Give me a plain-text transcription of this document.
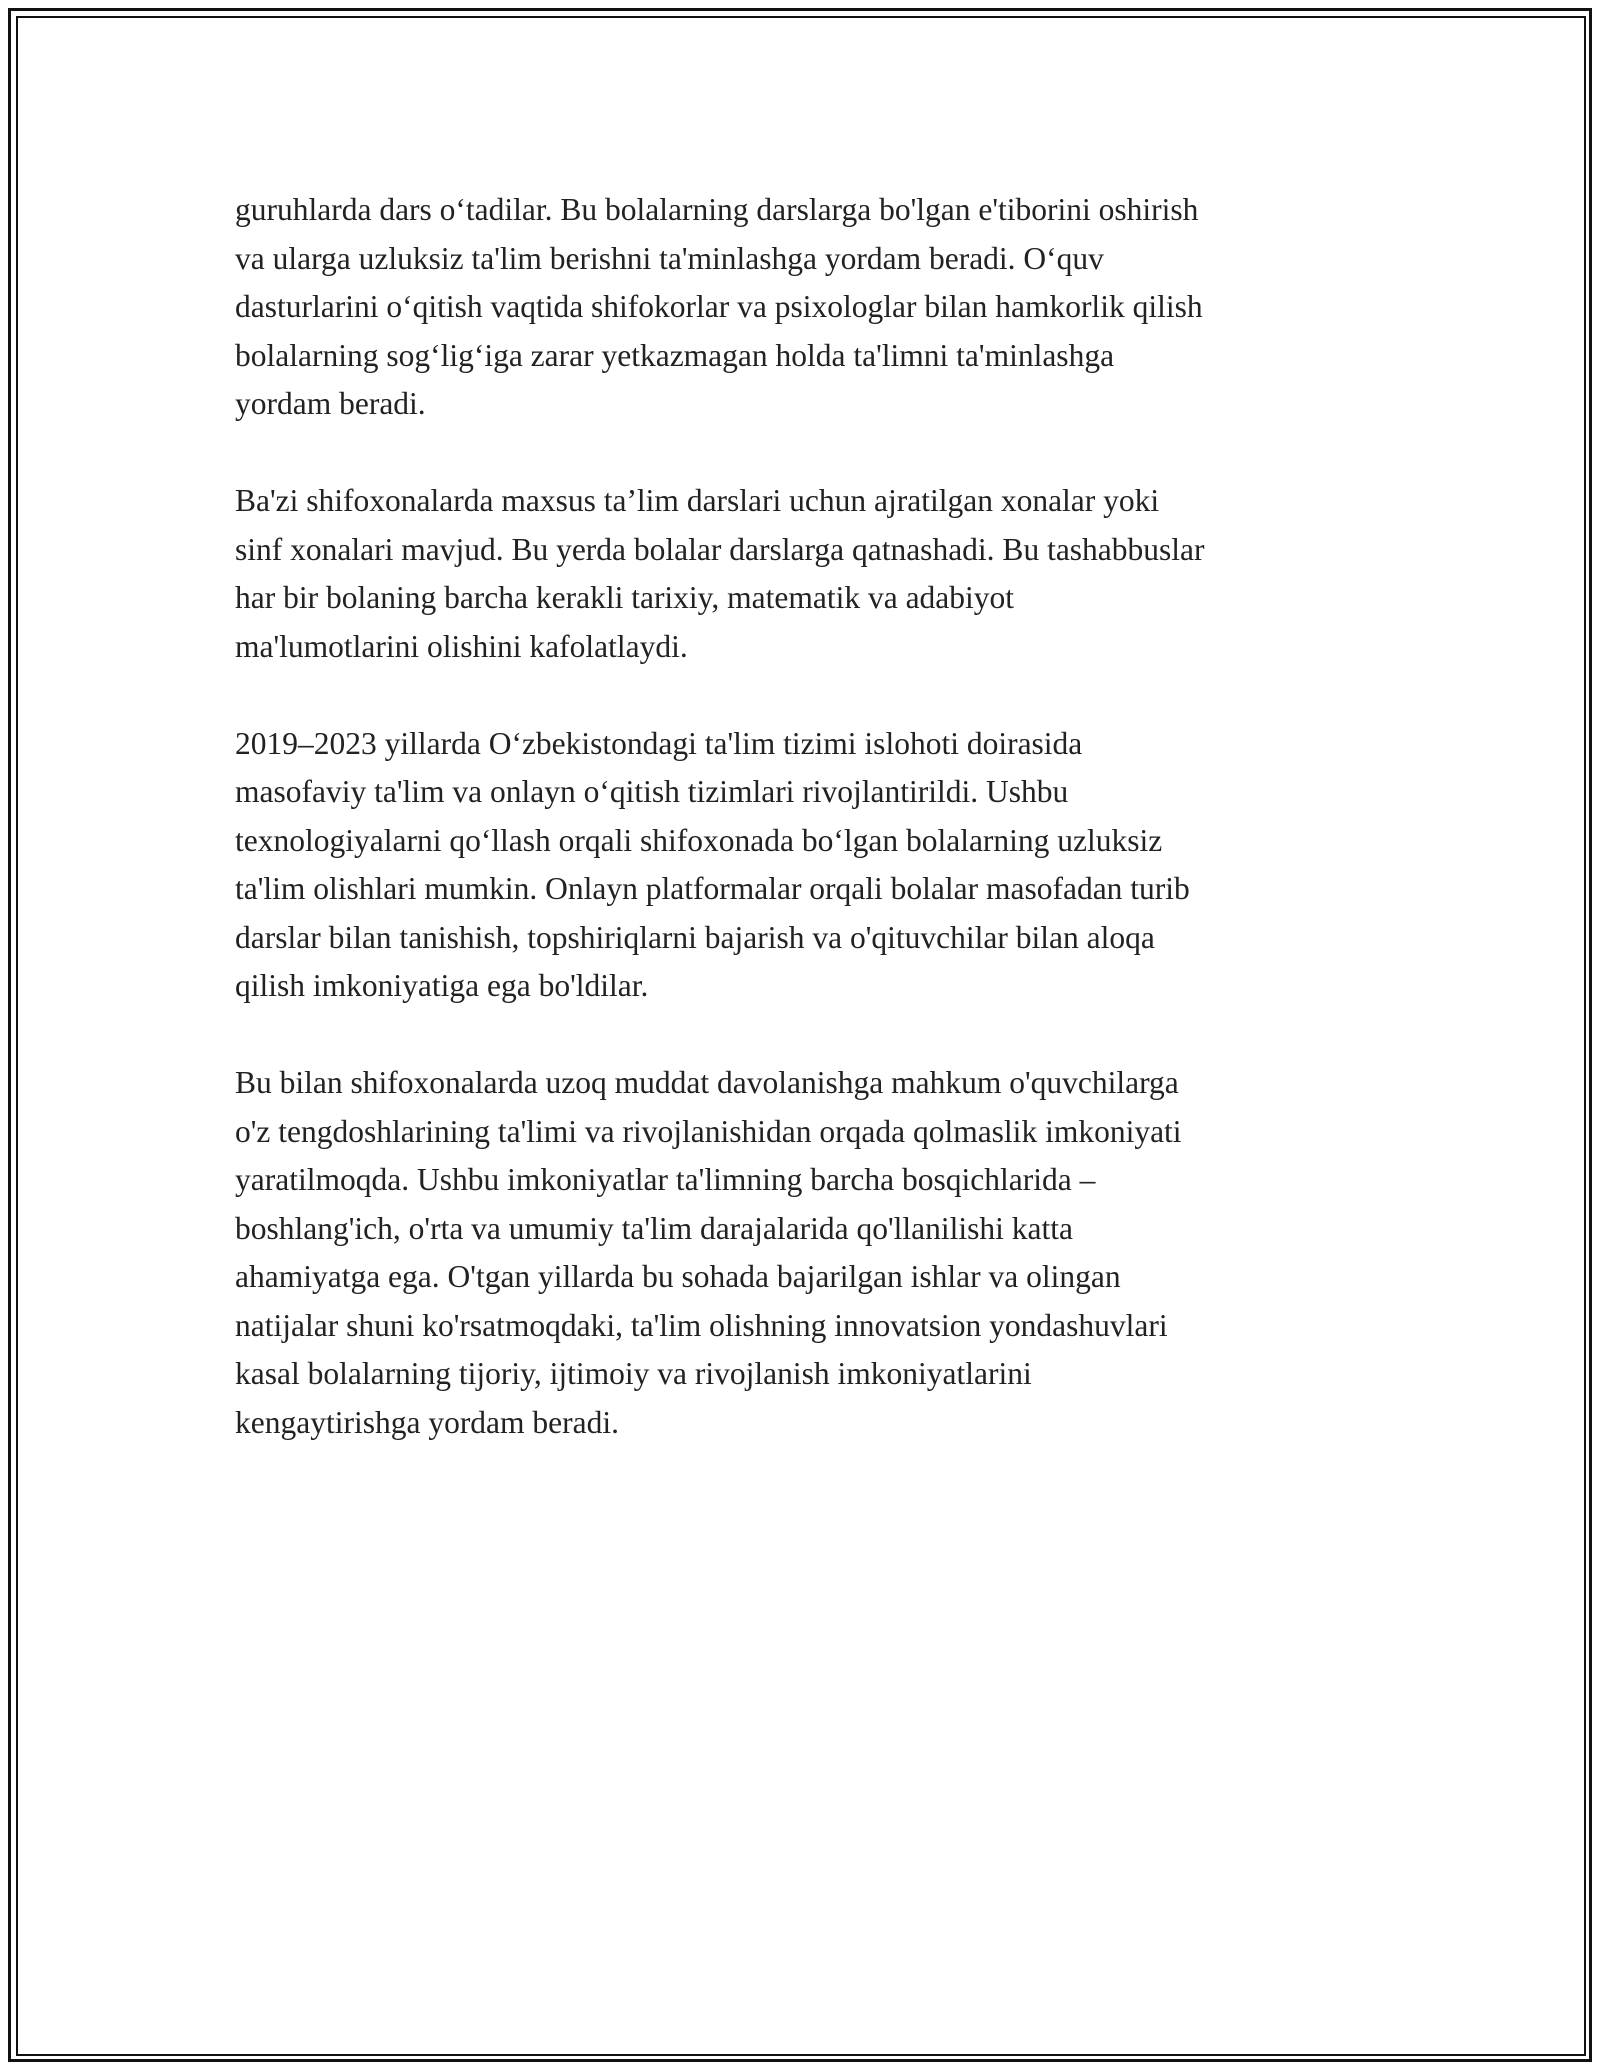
guruhlarda dars o‘tadilar. Bu bolalarning darslarga bo'lgan e'tiborini oshirish
va ularga uzluksiz ta'lim berishni ta'minlashga yordam beradi. O‘quv
dasturlarini o‘qitish vaqtida shifokorlar va psixologlar bilan hamkorlik qilish
bolalarning sog‘lig‘iga zarar yetkazmagan holda ta'limni ta'minlashga
yordam beradi.

Ba'zi shifoxonalarda maxsus ta’lim darslari uchun ajratilgan xonalar yoki
sinf xonalari mavjud. Bu yerda bolalar darslarga qatnashadi. Bu tashabbuslar
har bir bolaning barcha kerakli tarixiy, matematik va adabiyot
ma'lumotlarini olishini kafolatlaydi.

2019–2023 yillarda O‘zbekistondagi ta'lim tizimi islohoti doirasida
masofaviy ta'lim va onlayn o‘qitish tizimlari rivojlantirildi. Ushbu
texnologiyalarni qo‘llash orqali shifoxonada bo‘lgan bolalarning uzluksiz
ta'lim olishlari mumkin. Onlayn platformalar orqali bolalar masofadan turib
darslar bilan tanishish, topshiriqlarni bajarish va o'qituvchilar bilan aloqa
qilish imkoniyatiga ega bo'ldilar.

Bu bilan shifoxonalarda uzoq muddat davolanishga mahkum o'quvchilarga
o'z tengdoshlarining ta'limi va rivojlanishidan orqada qolmaslik imkoniyati
yaratilmoqda. Ushbu imkoniyatlar ta'limning barcha bosqichlarida –
boshlang'ich, o'rta va umumiy ta'lim darajalarida qo'llanilishi katta
ahamiyatga ega. O'tgan yillarda bu sohada bajarilgan ishlar va olingan
natijalar shuni ko'rsatmoqdaki, ta'lim olishning innovatsion yondashuvlari
kasal bolalarning tijoriy, ijtimoiy va rivojlanish imkoniyatlarini
kengaytirishga yordam beradi.
